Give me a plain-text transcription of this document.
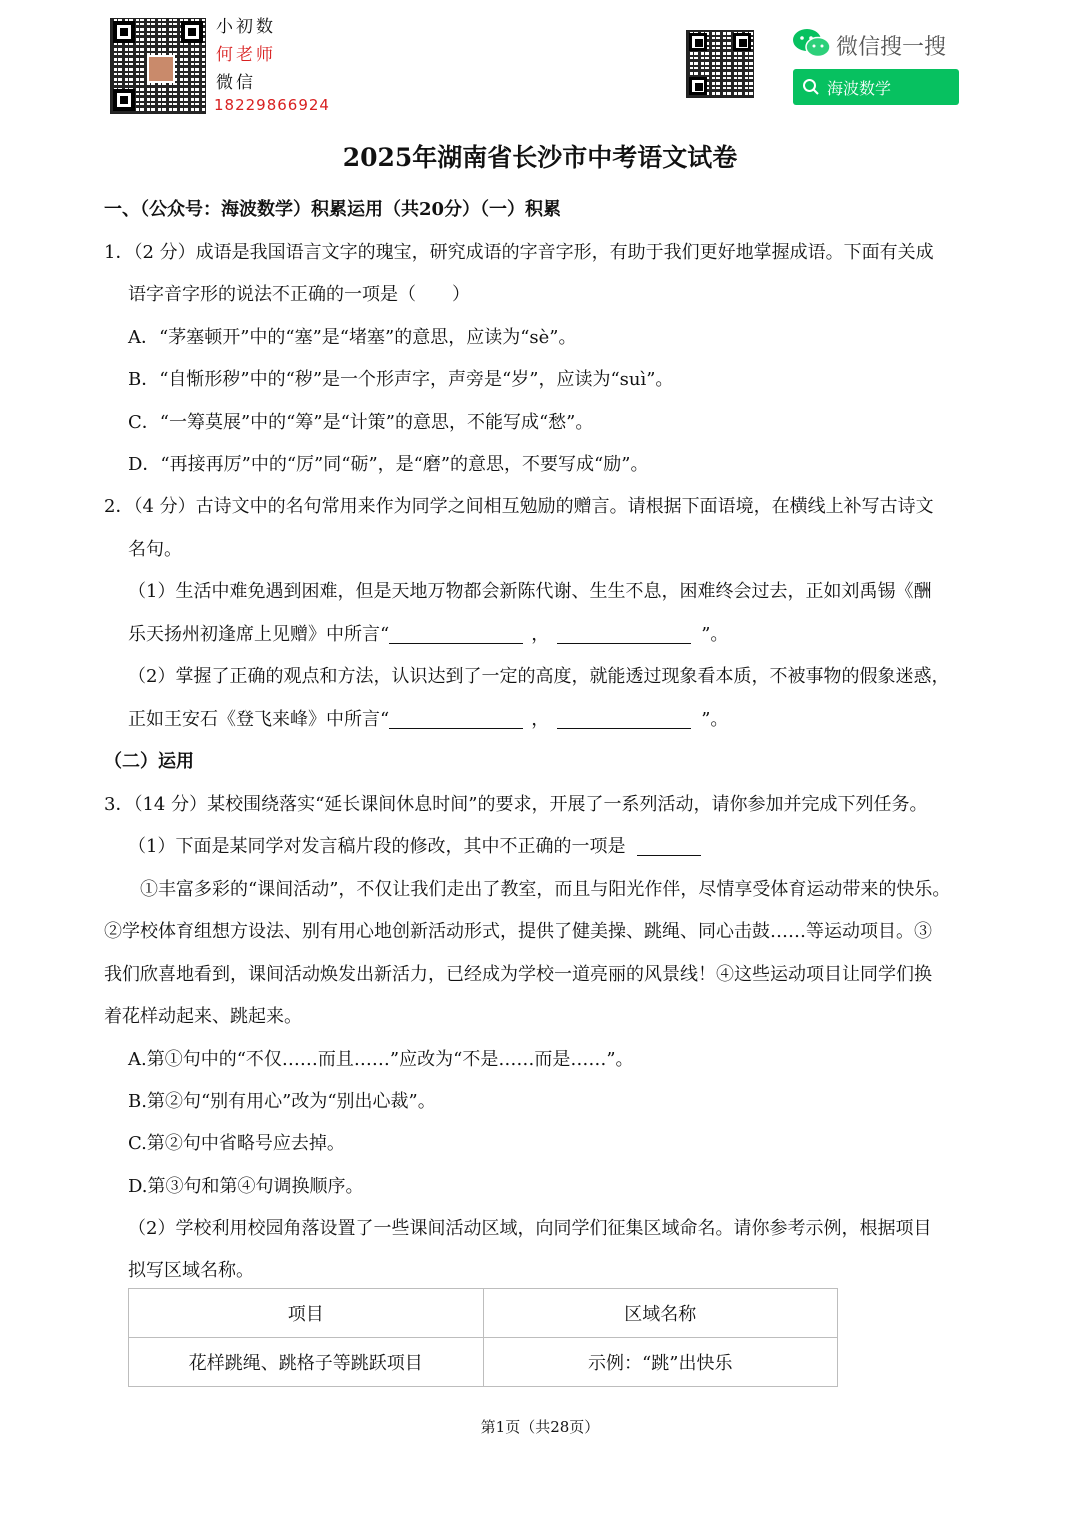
小初数
何老师
微信
18229866924
微信搜一搜
海波数学
2025年湖南省长沙市中考语文试卷
一、（公众号：海波数学）积累运用（共20分）（一）积累
1．（2 分）成语是我国语言文字的瑰宝，研究成语的字音字形，有助于我们更好地掌握成语。下面有关成
语字音字形的说法不正确的一项是（　　）
A．“茅塞顿开”中的“塞”是“堵塞”的意思，应读为“sè”。
B．“自惭形秽”中的“秽”是一个形声字，声旁是“岁”，应读为“suì”。
C．“一筹莫展”中的“筹”是“计策”的意思，不能写成“愁”。
D．“再接再厉”中的“厉”同“砺”，是“磨”的意思，不要写成“励”。
2．（4 分）古诗文中的名句常用来作为同学之间相互勉励的赠言。请根据下面语境，在横线上补写古诗文
名句。
（1）生活中难免遇到困难，但是天地万物都会新陈代谢、生生不息，困难终会过去，正如刘禹锡《酬
乐天扬州初逢席上见赠》中所言“	，	”。
（2）掌握了正确的观点和方法，认识达到了一定的高度，就能透过现象看本质，不被事物的假象迷惑，
正如王安石《登飞来峰》中所言“	，	”。
（二）运用
3．（14 分）某校围绕落实“延长课间休息时间”的要求，开展了一系列活动，请你参加并完成下列任务。
（1）下面是某同学对发言稿片段的修改，其中不正确的一项是
①丰富多彩的“课间活动”，不仅让我们走出了教室，而且与阳光作伴，尽情享受体育运动带来的快乐。
②学校体育组想方设法、别有用心地创新活动形式，提供了健美操、跳绳、同心击鼓……等运动项目。③
我们欣喜地看到，课间活动焕发出新活力，已经成为学校一道亮丽的风景线！④这些运动项目让同学们换
着花样动起来、跳起来。
A.第①句中的“不仅……而且……”应改为“不是……而是……”。
B.第②句“别有用心”改为“别出心裁”。
C.第②句中省略号应去掉。
D.第③句和第④句调换顺序。
（2）学校利用校园角落设置了一些课间活动区域，向同学们征集区域命名。请你参考示例，根据项目
拟写区域名称。
项目	区域名称
花样跳绳、跳格子等跳跃项目	示例：“跳”出快乐
第1页（共28页）
